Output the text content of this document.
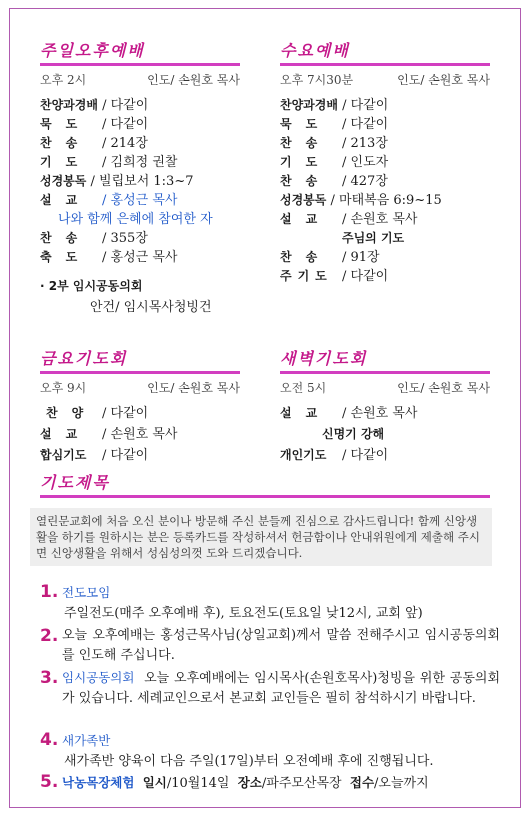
주일오후예배
오후 2시	인도/ 손원호 목사
찬양과경배 / 다같이
묵도 / 다같이
찬송 / 214장
기도 / 김희정 권찰
성경봉독 / 빌립보서 1:3~7
설교 / 홍성근 목사
나와 함께 은혜에 참여한 자
찬송 / 355장
축도 / 홍성근 목사
· 2부 임시공동의회
안건/ 임시목사청빙건
수요예배
오후 7시30분	인도/ 손원호 목사
찬양과경배 / 다같이
묵도 / 다같이
찬송 / 213장
기도 / 인도자
찬송 / 427장
성경봉독 / 마태복음 6:9~15
설교 / 손원호 목사
주님의 기도
찬송 / 91장
주기도 / 다같이
금요기도회
오후 9시	인도/ 손원호 목사
찬양 / 다같이
설교 / 손원호 목사
합심기도 / 다같이
새벽기도회
오전 5시	인도/ 손원호 목사
설교 / 손원호 목사
신명기 강해
개인기도 / 다같이
기도제목
열린문교회에 처음 오신 분이나 방문해 주신 분들께 진심으로 감사드립니다! 함께 신앙생활을 하기를 원하시는 분은 등록카드를 작성하셔서 헌금함이나 안내위원에게 제출해 주시면 신앙생활을 위해서 성심성의껏 도와 드리겠습니다.
1. 전도모임
주일전도(매주 오후예배 후), 토요전도(토요일 낮12시, 교회 앞)
2. 오늘 오후예배는 홍성근목사님(상일교회)께서 말씀 전해주시고 임시공동의회를 인도해 주십니다.
3. 임시공동의회 오늘 오후예배에는 임시목사(손원호목사)청빙을 위한 공동의회가 있습니다. 세례교인으로서 본교회 교인들은 필히 참석하시기 바랍니다.
4. 새가족반
새가족반 양육이 다음 주일(17일)부터 오전예배 후에 진행됩니다.
5. 낙농목장체험 일시/10월14일 장소/파주모산목장 접수/오늘까지
